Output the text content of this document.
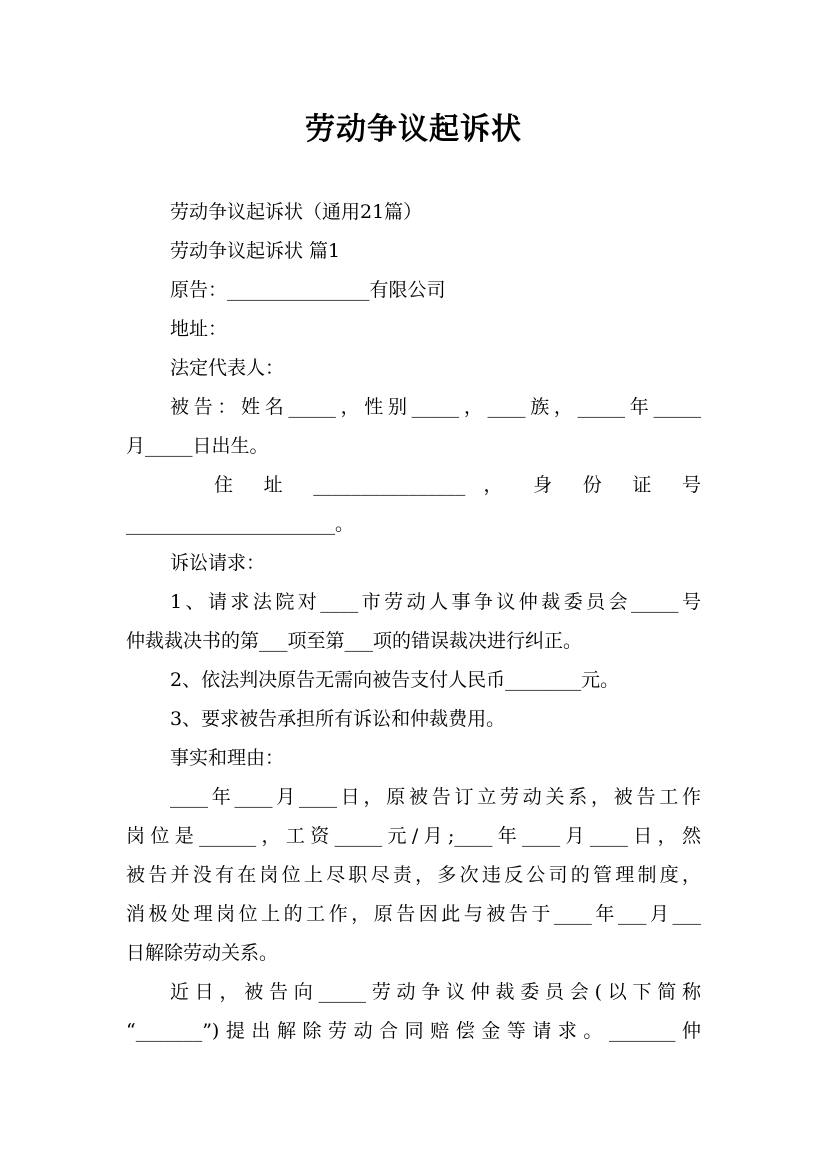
劳动争议起诉状
劳动争议起诉状（通用21篇）
劳动争议起诉状 篇1
原告：_______________有限公司
地址：
法定代表人：
被告：姓名_____，性别_____，____族，_____年_____
月_____日出生。
住 址 ________________ ， 身 份 证 号
______________________。
诉讼请求：
1、请求法院对____市劳动人事争议仲裁委员会_____号
仲裁裁决书的第___项至第___项的错误裁决进行纠正。
2、依法判决原告无需向被告支付人民币________元。
3、要求被告承担所有诉讼和仲裁费用。
事实和理由：
____年____月____日，原被告订立劳动关系，被告工作
岗位是______，工资_____元/月;____年____月____日，然
被告并没有在岗位上尽职尽责，多次违反公司的管理制度，
消极处理岗位上的工作，原告因此与被告于____年___月___
日解除劳动关系。
近日，被告向_____劳动争议仲裁委员会(以下简称
“_______”)提出解除劳动合同赔偿金等请求。_______仲
